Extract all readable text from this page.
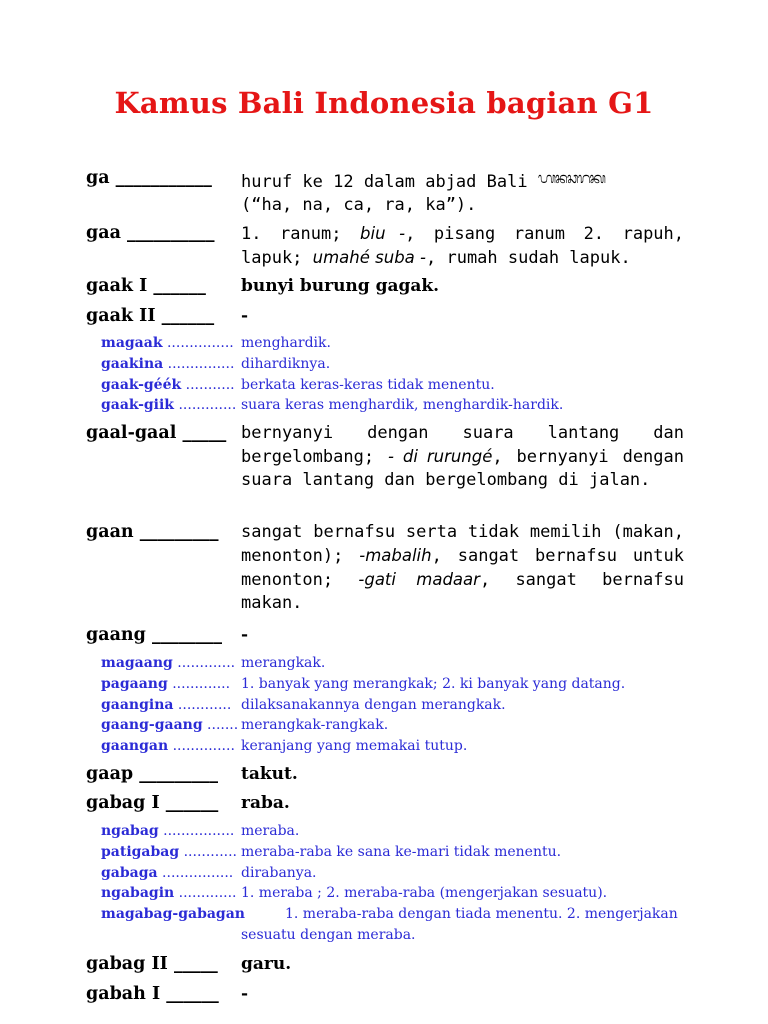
Kamus Bali Indonesia bagian G1
ga ___________ huruf ke 12 dalam abjad Bali ᬳᬦᬘᬭᬓ
(“ha, na, ca, ra, ka”).
gaa __________ 1. ranum; biu -, pisang ranum 2. rapuh, lapuk; umahé suba -, rumah sudah lapuk.
gaak I ______ bunyi burung gagak.
gaak II ______ -
magaak ............... menghardik.
gaakina ............... dihardiknya.
gaak-géék ........... berkata keras-keras tidak menentu.
gaak-giik ............. suara keras menghardik, menghardik-hardik.
gaal-gaal _____ bernyanyi dengan suara lantang dan bergelombang; - di rurungé, bernyanyi dengan suara lantang dan bergelombang di jalan.
gaan _________ sangat bernafsu serta tidak memilih (makan, menonton); -mabalih, sangat bernafsu untuk menonton; -gati madaar, sangat bernafsu makan.
gaang ________ -
magaang ............. merangkak.
pagaang ............. 1. banyak yang merangkak; 2. ki banyak yang datang.
gaangina ............ dilaksanakannya dengan merangkak.
gaang-gaang ....... merangkak-rangkak.
gaangan .............. keranjang yang memakai tutup.
gaap _________ takut.
gabag I ______ raba.
ngabag ................ meraba.
patigabag ............ meraba-raba ke sana ke-mari tidak menentu.
gabaga ................ dirabanya.
ngabagin ............. 1. meraba ; 2. meraba-raba (mengerjakan sesuatu).
magabag-gabagan	1. meraba-raba dengan tiada menentu. 2. mengerjakan sesuatu dengan meraba.
gabag II _____ garu.
gabah I ______ -
